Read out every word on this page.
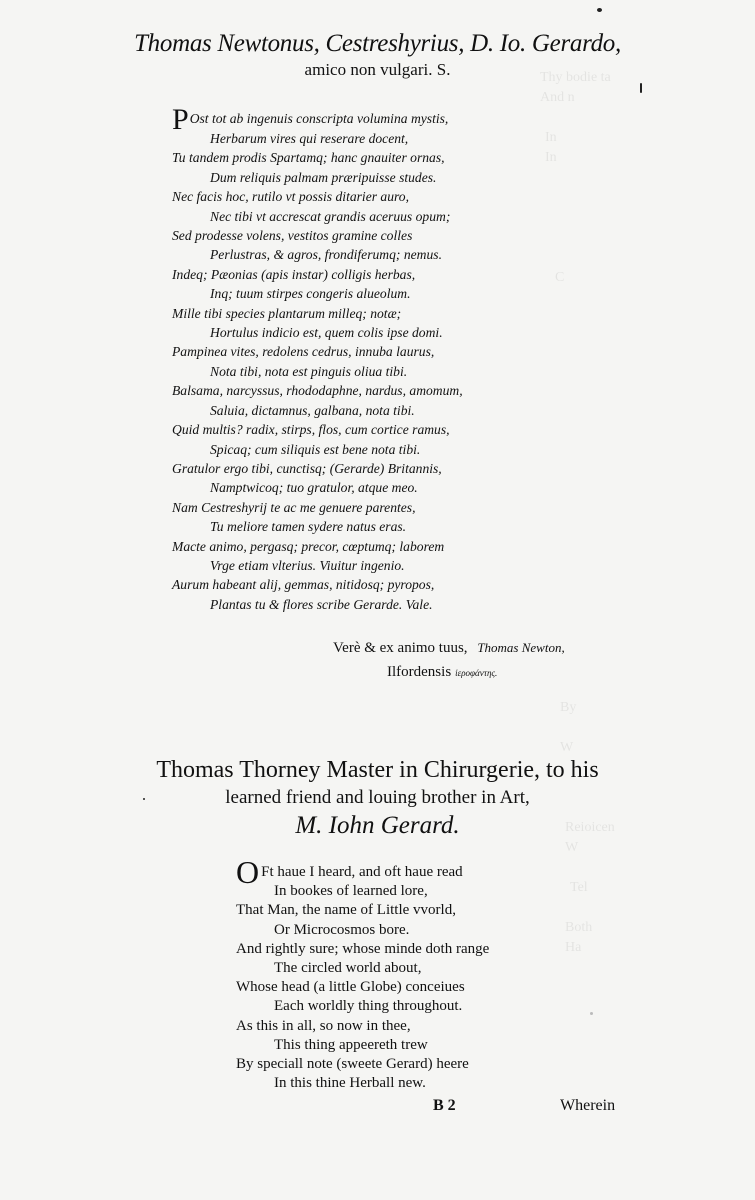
Thy bodie ta
And n
In
In
C
By
W
Reioicen
W
Tel
Both
Ha
Thomas Newtonus, Cestreshyrius, D. Io. Gerardo,
amico non vulgari. S.
POst tot ab ingenuis conscripta volumina mystis,
Herbarum vires qui reserare docent,
Tu tandem prodis Spartamq; hanc gnauiter ornas,
Dum reliquis palmam præripuisse studes.
Nec facis hoc, rutilo vt possis ditarier auro,
Nec tibi vt accrescat grandis aceruus opum;
Sed prodesse volens, vestitos gramine colles
Perlustras, & agros, frondiferumq; nemus.
Indeq; Pæonias (apis instar) colligis herbas,
Inq; tuum stirpes congeris alueolum.
Mille tibi species plantarum milleq; notæ;
Hortulus indicio est, quem colis ipse domi.
Pampinea vites, redolens cedrus, innuba laurus,
Nota tibi, nota est pinguis oliua tibi.
Balsama, narcyssus, rhododaphne, nardus, amomum,
Saluia, dictamnus, galbana, nota tibi.
Quid multis? radix, stirps, flos, cum cortice ramus,
Spicaq; cum siliquis est bene nota tibi.
Gratulor ergo tibi, cunctisq; (Gerarde) Britannis,
Namptwicoq; tuo gratulor, atque meo.
Nam Cestreshyrij te ac me genuere parentes,
Tu meliore tamen sydere natus eras.
Macte animo, pergasq; precor, cœptumq; laborem
Vrge etiam vlterius. Viuitur ingenio.
Aurum habeant alij, gemmas, nitidosq; pyropos,
Plantas tu & flores scribe Gerarde. Vale.
Verè & ex animo tuus, Thomas Newton,
Ilfordensis ἱεροφάντης.
Thomas Thorney Master in Chirurgerie, to his
learned friend and louing brother in Art,
M. Iohn Gerard.
O Ft haue I heard, and oft haue read
In bookes of learned lore,
That Man, the name of Little vvorld,
Or Microcosmos bore.
And rightly sure; whose minde doth range
The circled world about,
Whose head (a little Globe) conceiues
Each worldly thing throughout.
As this in all, so now in thee,
This thing appeereth trew
By speciall note (sweete Gerard) heere
In this thine Herball new.
B 2	Wherein
